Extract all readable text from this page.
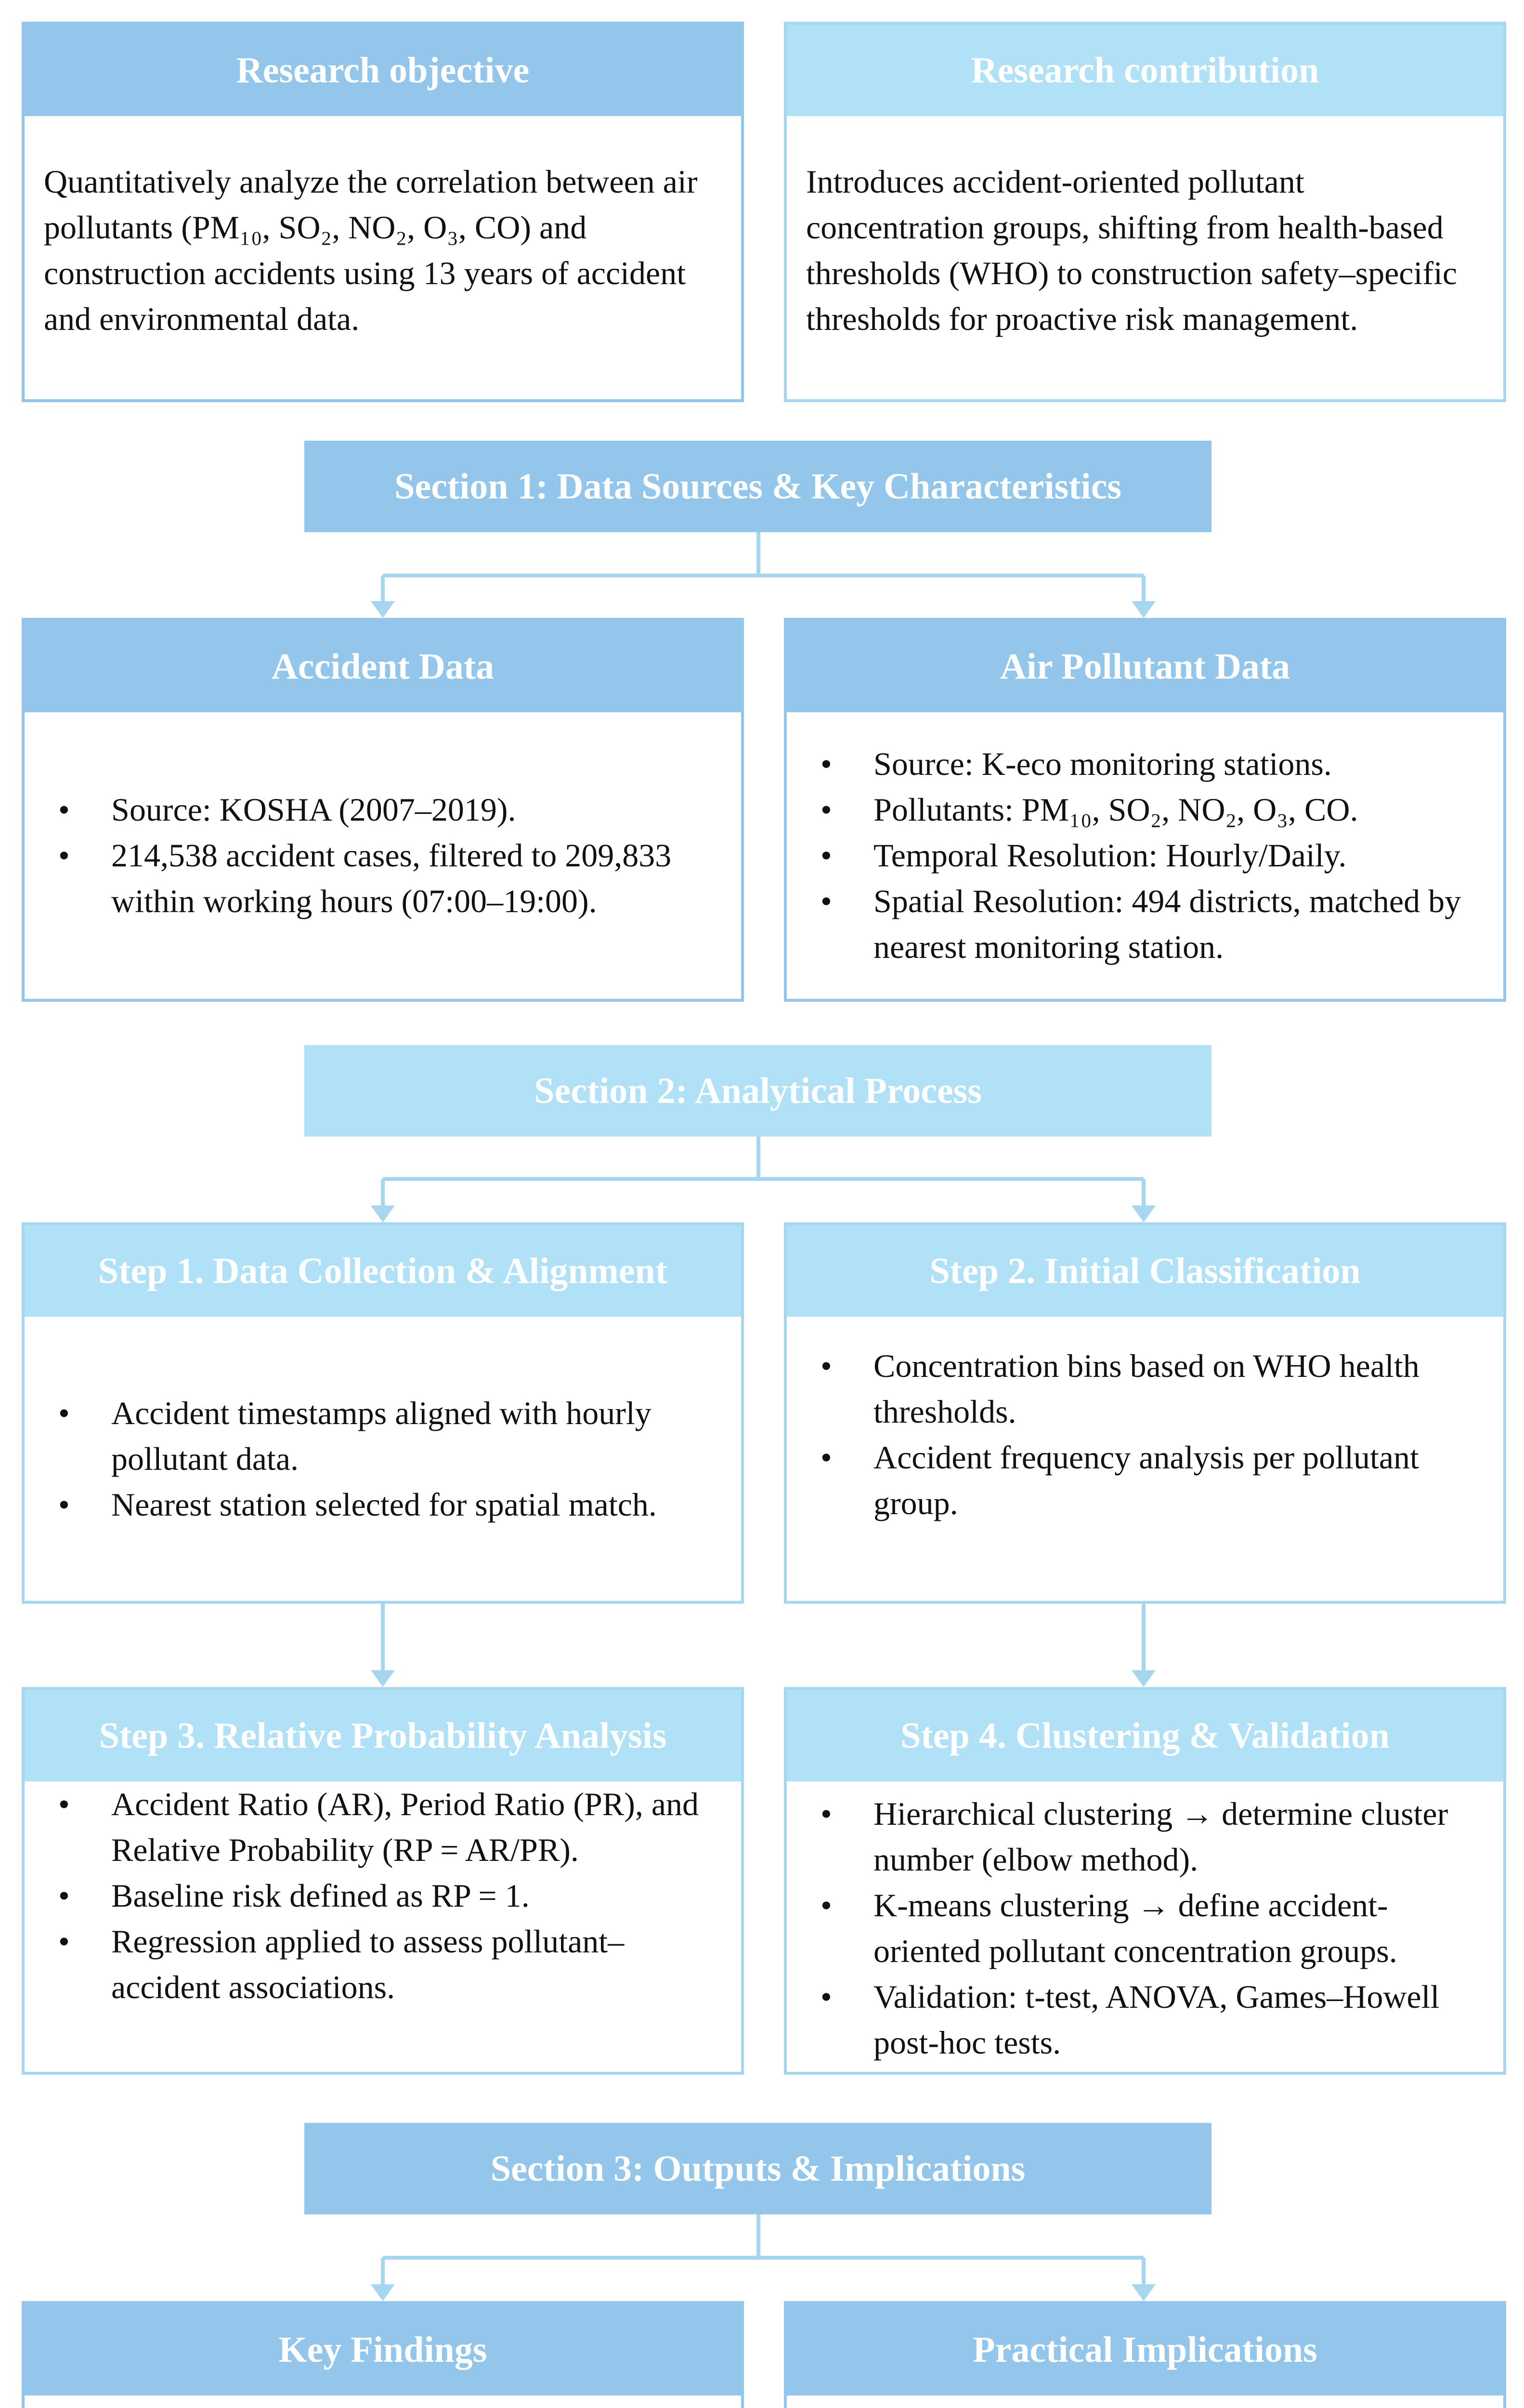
Research objective

Quantitatively analyze the correlation between air pollutants (PM₁₀, SO₂, NO₂, O₃, CO) and construction accidents using 13 years of accident and environmental data.

Research contribution

Introduces accident-oriented pollutant concentration groups, shifting from health-based thresholds (WHO) to construction safety–specific thresholds for proactive risk management.

Section 1: Data Sources & Key Characteristics
Accident Data
• Source: KOSHA (2007–2019).
• 214,538 accident cases, filtered to 209,833 within working hours (07:00–19:00).
Air Pollutant Data
• Source: K-eco monitoring stations.
• Pollutants: PM₁₀, SO₂, NO₂, O₃, CO.
• Temporal Resolution: Hourly/Daily.
• Spatial Resolution: 494 districts, matched by nearest monitoring station.
Section 2: Analytical Process
Step 1. Data Collection & Alignment
• Accident timestamps aligned with hourly pollutant data.
• Nearest station selected for spatial match.
Step 2. Initial Classification
• Concentration bins based on WHO health thresholds.
• Accident frequency analysis per pollutant group.
Step 3. Relative Probability Analysis
• Accident Ratio (AR), Period Ratio (PR), and Relative Probability (RP = AR/PR).
• Baseline risk defined as RP = 1.
• Regression applied to assess pollutant–accident associations.
Step 4. Clustering & Validation
• Hierarchical clustering → determine cluster number (elbow method).
• K-means clustering → define accident-oriented pollutant concentration groups.
• Validation: t-test, ANOVA, Games–Howell post-hoc tests.
Section 3: Outputs & Implications
Key Findings	Practical Implications
